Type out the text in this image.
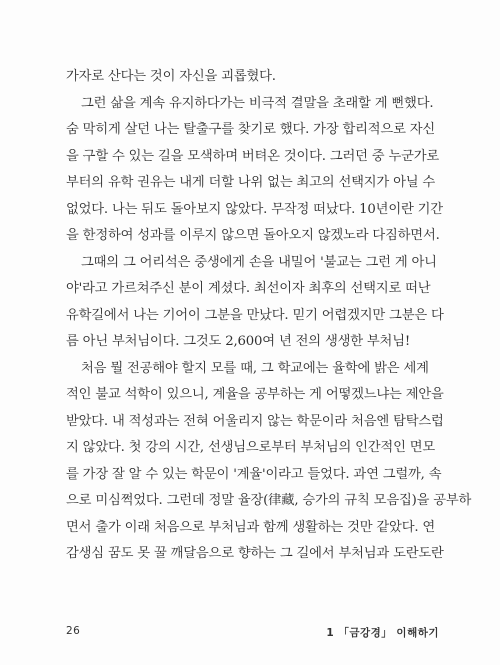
가자로 산다는 것이 자신을 괴롭혔다.
그런 삶을 계속 유지하다가는 비극적 결말을 초래할 게 뻔했다.
숨 막히게 살던 나는 탈출구를 찾기로 했다. 가장 합리적으로 자신
을 구할 수 있는 길을 모색하며 버텨온 것이다. 그러던 중 누군가로
부터의 유학 권유는 내게 더할 나위 없는 최고의 선택지가 아닐 수
없었다. 나는 뒤도 돌아보지 않았다. 무작정 떠났다. 10년이란 기간
을 한정하여 성과를 이루지 않으면 돌아오지 않겠노라 다짐하면서.
그때의 그 어리석은 중생에게 손을 내밀어 '불교는 그런 게 아니
야'라고 가르쳐주신 분이 계셨다. 최선이자 최후의 선택지로 떠난
유학길에서 나는 기어이 그분을 만났다. 믿기 어렵겠지만 그분은 다
름 아닌 부처님이다. 그것도 2,600여 년 전의 생생한 부처님!
처음 뭘 전공해야 할지 모를 때, 그 학교에는 율학에 밝은 세계
적인 불교 석학이 있으니, 계율을 공부하는 게 어떻겠느냐는 제안을
받았다. 내 적성과는 전혀 어울리지 않는 학문이라 처음엔 탐탁스럽
지 않았다. 첫 강의 시간, 선생님으로부터 부처님의 인간적인 면모
를 가장 잘 알 수 있는 학문이 '계율'이라고 들었다. 과연 그럴까, 속
으로 미심쩍었다. 그런데 정말 율장(律藏, 승가의 규칙 모음집)을 공부하
면서 출가 이래 처음으로 부처님과 함께 생활하는 것만 같았다. 연
감생심 꿈도 못 꿀 깨달음으로 향하는 그 길에서 부처님과 도란도란
26	1 「금강경」 이해하기
